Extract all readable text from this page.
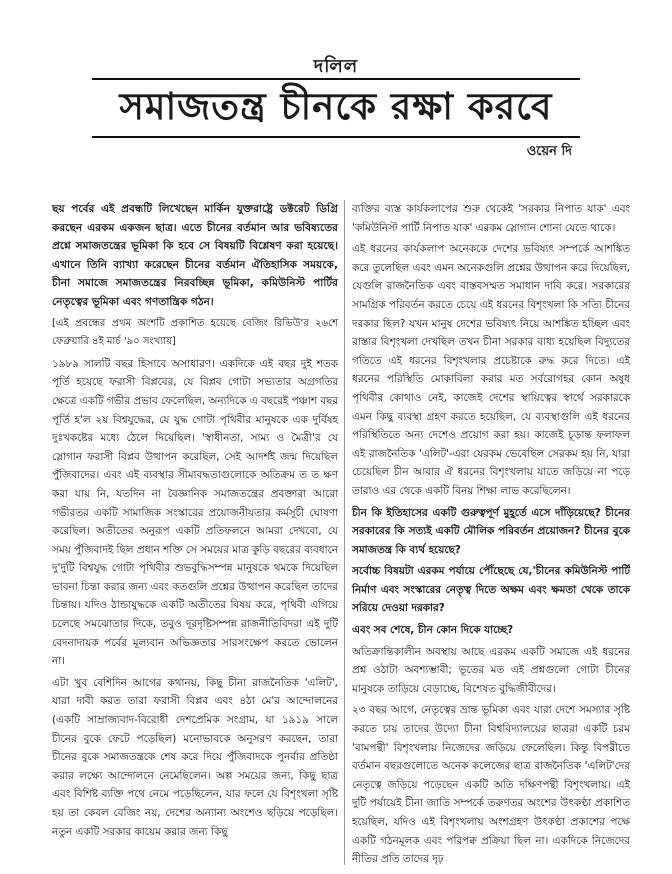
দলিল
সমাজতন্ত্র চীনকে রক্ষা করবে
ওয়েন দি

ছয় পর্বের এই প্রবন্ধটি লিখেছেন মার্কিন যুক্তরাষ্ট্রে ডক্টরেট ডিগ্রি করছেন এরকম একজন ছাত্র। এতে চীনের বর্তমান আর ভবিষ্যতের প্রশ্নে সমাজতন্ত্রের ভূমিকা কি হবে সে বিষয়টি বিশ্লেষণ করা হয়েছে। এখানে তিনি ব্যাখ্যা করেছেন চীনের বর্তমান ঐতিহাসিক সময়কে, চীনা সমাজে সমাজতন্ত্রের নিরবচ্ছিন্ন ভূমিকা, কমিউনিস্ট পার্টির নেতৃত্বের ভূমিকা এবং গণতান্ত্রিক গঠন।

[এই প্রবন্ধের প্রথম অংশটি প্রকাশিত হয়েছে বেজিং রিভিউ'র ২৬শে ফেব্রুয়ারি ৪ই মার্চ '৯০ সংখ্যায়]

১৯৮৯ সালটি বছর হিসাবে অসাধারণ। একদিকে এই বছর দুই শতক পূর্তি হয়েছে ফরাসী বিপ্লবের, যে বিপ্লব গোটা সভ্যতার অগ্রগতির ক্ষেত্রে একটি গভীর প্রভাব ফেলেছিল, অন্যদিকে এ বছরেই পঞ্চাশ বছর পূর্তি হ'ল ২য় বিশ্বযুদ্ধের, যে যুদ্ধ গোটা পৃথিবীর মানুষকে এক দুর্বিষহ দুঃখকষ্টের মধ্যে ঠেলে দিয়েছিল। 'স্বাধীনতা, সাম্য ও মৈত্রী'র যে স্লোগান ফরাসী বিপ্লব উত্থাপন করেছিল, সেই আদর্শই জন্ম দিয়েছিল পুঁজিবাদের। এবং এই ব্যবস্থার সীমাবদ্ধতাগুলোকে অতিক্রম ত ত ক্ষণ করা যায় নি, যতদিন না বৈজ্ঞানিক সমাজতন্ত্রের প্রবক্তারা আরো গভীরতর একটি সামাজিক সংস্কারের প্রয়োজনীয়তার কর্মসূচী ঘোষণা করেছিল। অতীতের অনুরূপ একটি প্রতিফলনে আমরা দেখবো, যে সময় পুঁজিবাদই ছিল প্রধান শক্তি সে সময়ের মাত্র কুড়ি বছরের ব্যবধানে দু'দুটি বিশ্বযুদ্ধ গোটা পৃথিবীর শুভবুদ্ধিসম্পন্ন মানুষকে থমকে দিয়েছিল ভাবনা চিন্তা করার জন্য এবং কতগুলি প্রশ্নের উত্থাপন করেছিল তাদের চিন্তায়। যদিও ঠান্ডাযুদ্ধকে একটি অতীতের বিষয় করে, পৃথিবী এগিয়ে চলেছে সমঝোতার দিকে, তবুও দূরদৃষ্টিসম্পন্ন রাজনীতিবিদরা এই দুটি বেদনাদায়ক পর্বের মূল্যবান অভিজ্ঞতার সারসংক্ষেপ করতে ভোলেন না।

এটা খুব বেশিদিন আগের কথানয়, কিছু চীনা রাজনৈতিক 'এলিট', যারা দাবী করত তারা ফরাসী বিপ্লব এবং ৪ঠা মে'র আন্দোলনের (একটি সাম্রাজ্যবাদ-বিরোধী দেশপ্রেমিক সংগ্রাম, যা ১৯১৯ সালে চীনের বুকে ফেটে পড়েছিল) মনোভাবকে অনুসরণ করছেন, তারা চীনের বুকে সমাজতন্ত্রকে শেষ করে দিয়ে পুঁজিবাদকে পুনর্বার প্রতিষ্ঠা করার লক্ষ্যে আন্দোলনে নেমেছিলেন। অল্প সময়ের জন্য, কিছু ছাত্র এবং বিশিষ্ট ব্যক্তি পথে নেমে পড়েছিলেন, যার ফলে যে বিশৃংখলা সৃষ্টি হয় তা কেবল বেজিং নয়, দেশের অন্যান্য অংশেও ছড়িয়ে পড়েছিল। নতুন একটি সরকার কায়েম করার জন্য কিছু

ব্যক্তির ব্যস্ত কার্যকলাপের শুরু থেকেই 'সরকার নিপাত যাক' এবং 'কমিউনিস্ট পার্টি নিপাত যাক' এরকম স্লোগান শোনা যেতে থাকে।

এই ধরনের কার্যকলাপ অনেককে দেশের ভবিষ্যৎ সম্পর্কে আশঙ্কিত করে তুলেছিল এবং এমন অনেকগুলি প্রশ্নের উত্থাপন করে দিয়েছিল, যেগুলি রাজনৈতিক এবং বাস্তবসম্মত সমাধান দাবি করে। সরকারের সামগ্রিক পরিবর্তন করতে চেয়ে এই ধরনের বিশৃংখলা কি সত্যি চীনের দরকার ছিল? যখন মানুষ দেশের ভবিষ্যৎ নিয়ে আশঙ্কিত হচ্ছিল এবং রাস্তার বিশৃংখলা দেখছিল তখন চীনা সরকার বাধ্য হয়েছিল বিদ্যুতের গতিতে এই ধরনের বিশৃংখলার প্রচেষ্টাকে রুদ্ধ করে দিতে। এই ধরনের পরিস্থিতি মোকাবিলা করার মত সর্বরোগহর কোন অষুধ পৃথিবীর কোথাও নেই, কাজেই দেশের স্থায়িত্বের স্বার্থে সরকারকে এমন কিছু ব্যবস্থা গ্রহণ করতে হয়েছিল, যে ব্যবস্থাগুলি এই ধরনের পরিস্থিতিতে অন্য দেশেও প্রয়োগ করা হয়। কাজেই চূড়ান্ত ফলাফল এই রাজনৈতিক 'এলিট'-এরা যেরকম ভেবেছিল সেরকম হয় নি, যারা চেয়েছিল চীন আবার ঐ ধরনের বিশৃংখলায় যাতে জড়িয়ে না পড়ে তারাও এর থেকে একটি বিনয় শিক্ষা লাভ করেছিলেন।

চীন কি ইতিহাসের একটি গুরুত্বপূর্ণ মুহূর্তে এসে দাঁড়িয়েছে? চীনের সরকারের কি সত্যই একটি মৌলিক পরিবর্তন প্রয়োজন? চীনের বুকে সমাজতন্ত্র কি ব্যর্থ হয়েছে?

সর্বোচ্চ বিষয়টা এরকম পর্যায়ে পৌঁছেছে যে,'চীনের কমিউনিস্ট পার্টি নির্মাণ এবং সংস্কারের নেতৃত্ব দিতে অক্ষম এবং ক্ষমতা থেকে তাকে সরিয়ে দেওয়া দরকার?

এবং সব শেষে, চীন কোন দিকে যাচ্ছে?

অতিক্রান্তিকালীন অবস্থায় আছে এরকম একটি সমাজে এই ধরনের প্রশ্ন ওঠাটা অবশ্যম্ভাবী; ভূতের মত এই প্রশ্নগুলো গোটা চীনের মানুষকে তাড়িয়ে বেড়াচ্ছে, বিশেষত বুদ্ধিজীবীদের।

২৩ বছর আগে, নেতৃত্বের ভ্রান্ত ভূমিকা এবং যারা দেশে সমস্যার সৃষ্টি করতে চায় তাদের উদ্যো চীনা বিশ্ববিদ্যালয়ের ছাত্ররা একটি চরম 'বামপন্থী' বিশৃংখলায় নিজেদের জড়িয়ে ফেলেছিল। কিন্তু বিপরীতে বর্তমান বছরগুলোতে অনেক কলেজের ছাত্র রাজনৈতিক 'এলিট'দের নেতৃত্বে জড়িয়ে পড়েছেন একটি অতি দক্ষিণপন্থী বিশৃংখলায়। এই দুটি পর্যায়েই চীনা জাতি সম্পর্কে তরুণতর অংশের উৎকণ্ঠা প্রকাশিত হয়েছিল, যদিও এই বিশৃংখলায় অংশগ্রহণ উৎকণ্ঠা প্রকাশের পক্ষে একটি গঠনমূলক এবং পরিপক্ব প্রক্রিয়া ছিল না। একদিকে নিজেদের নীতির প্রতি তাদের দৃঢ়
